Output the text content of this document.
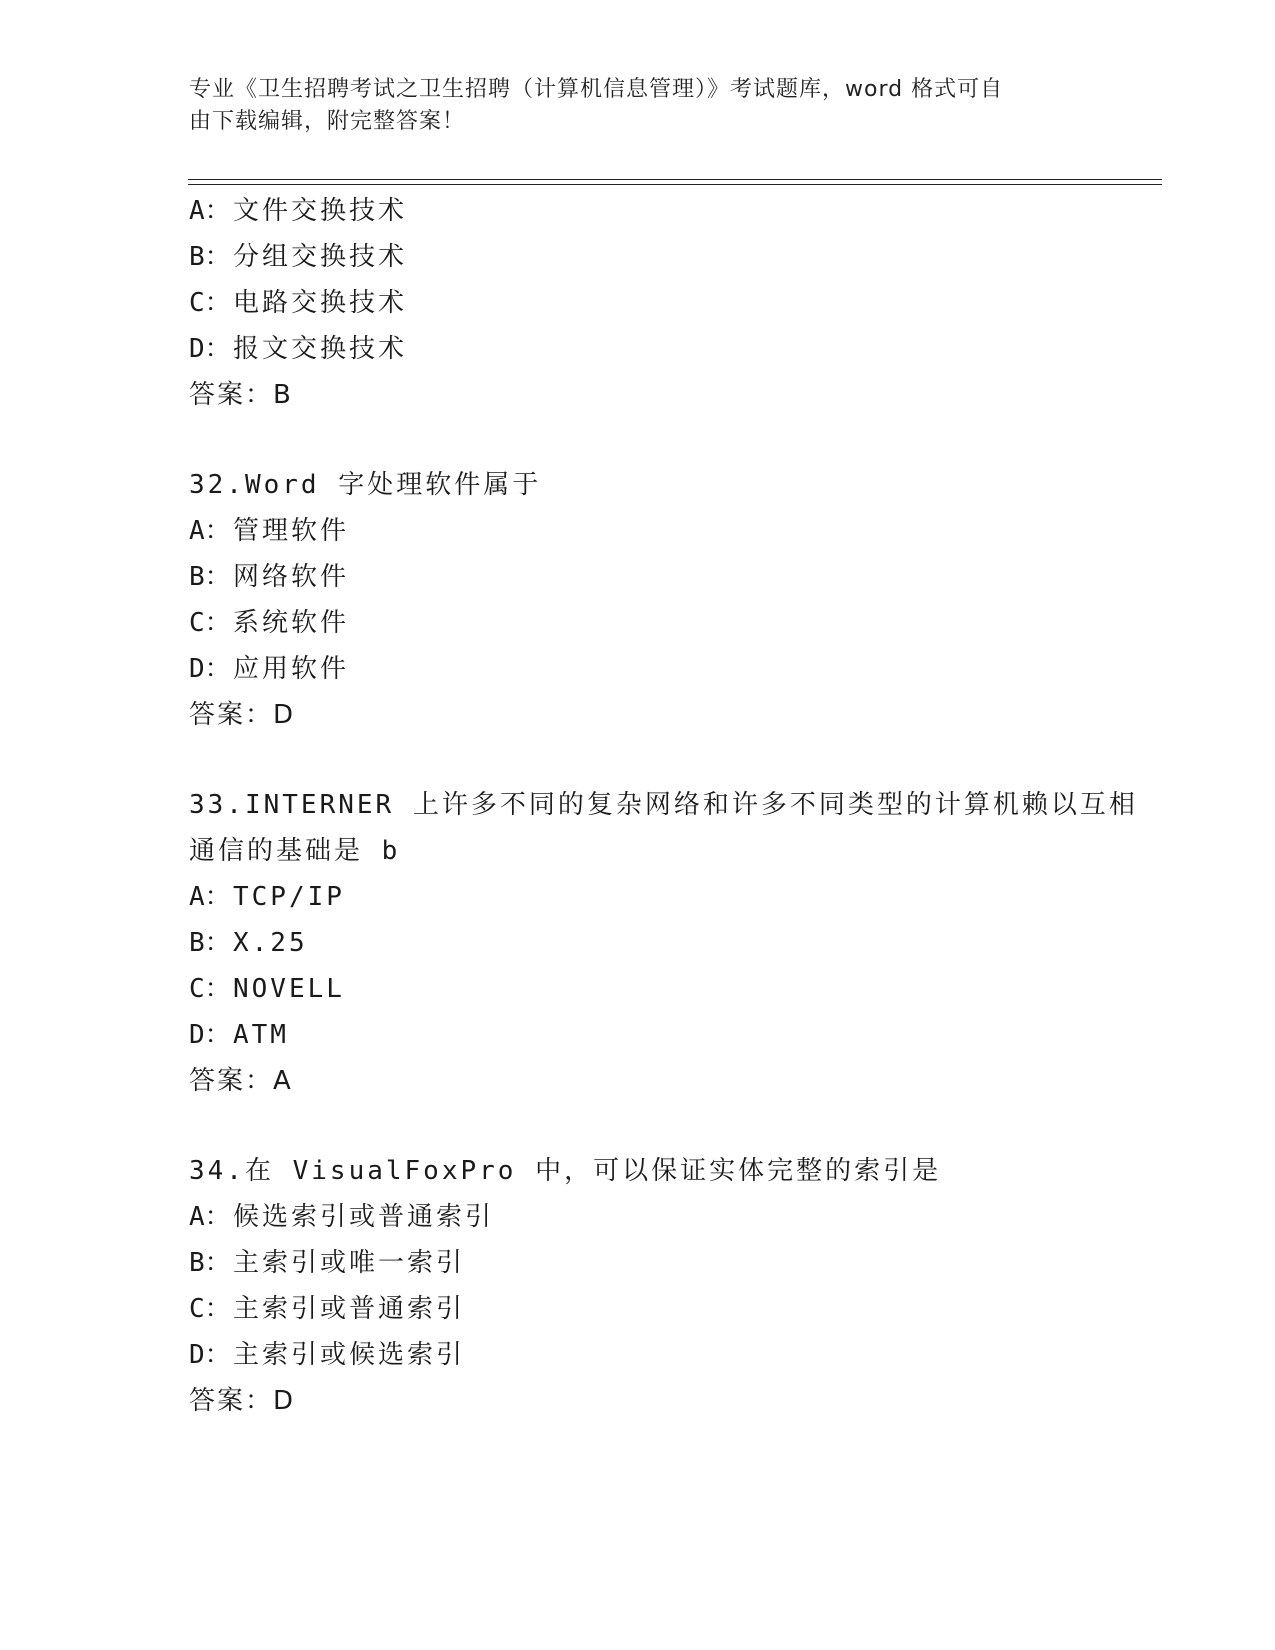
专业《卫生招聘考试之卫生招聘（计算机信息管理）》考试题库，word 格式可自
由下载编辑，附完整答案！
A：文件交换技术
B：分组交换技术
C：电路交换技术
D：报文交换技术
答案：B
32.Word 字处理软件属于
A：管理软件
B：网络软件
C：系统软件
D：应用软件
答案：D
33.INTERNER 上许多不同的复杂网络和许多不同类型的计算机赖以互相
通信的基础是 b
A：TCP/IP
B：X.25
C：NOVELL
D：ATM
答案：A
34.在 VisualFoxPro 中，可以保证实体完整的索引是
A：候选索引或普通索引
B：主索引或唯一索引
C：主索引或普通索引
D：主索引或候选索引
答案：D
